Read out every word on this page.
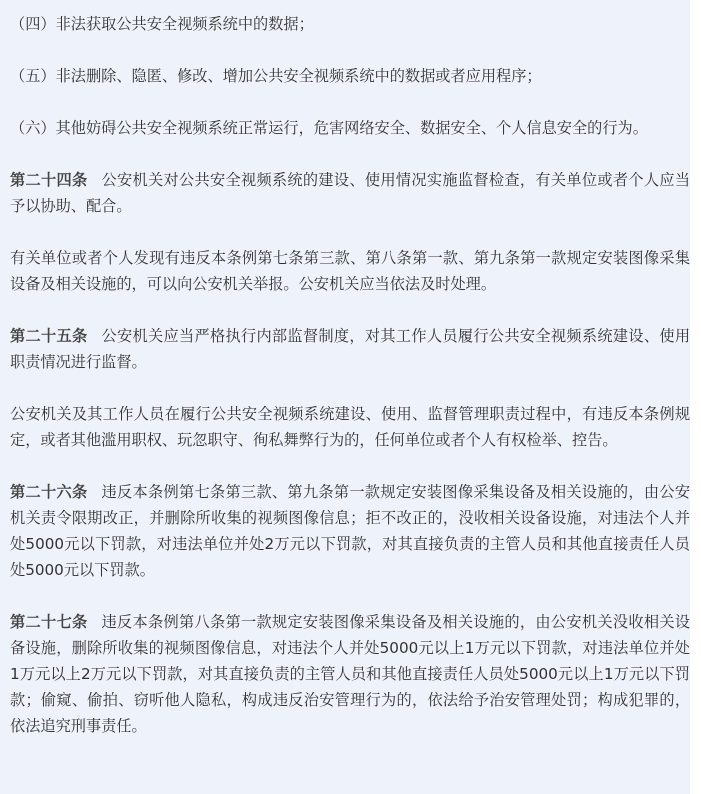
（四）非法获取公共安全视频系统中的数据；

（五）非法删除、隐匿、修改、增加公共安全视频系统中的数据或者应用程序；

（六）其他妨碍公共安全视频系统正常运行，危害网络安全、数据安全、个人信息安全的行为。

第二十四条 公安机关对公共安全视频系统的建设、使用情况实施监督检查，有关单位或者个人应当予以协助、配合。

有关单位或者个人发现有违反本条例第七条第三款、第八条第一款、第九条第一款规定安装图像采集设备及相关设施的，可以向公安机关举报。公安机关应当依法及时处理。

第二十五条 公安机关应当严格执行内部监督制度，对其工作人员履行公共安全视频系统建设、使用职责情况进行监督。

公安机关及其工作人员在履行公共安全视频系统建设、使用、监督管理职责过程中，有违反本条例规定，或者其他滥用职权、玩忽职守、徇私舞弊行为的，任何单位或者个人有权检举、控告。

第二十六条 违反本条例第七条第三款、第九条第一款规定安装图像采集设备及相关设施的，由公安机关责令限期改正，并删除所收集的视频图像信息；拒不改正的，没收相关设备设施，对违法个人并处5000元以下罚款，对违法单位并处2万元以下罚款，对其直接负责的主管人员和其他直接责任人员处5000元以下罚款。

第二十七条 违反本条例第八条第一款规定安装图像采集设备及相关设施的，由公安机关没收相关设备设施，删除所收集的视频图像信息，对违法个人并处5000元以上1万元以下罚款，对违法单位并处1万元以上2万元以下罚款，对其直接负责的主管人员和其他直接责任人员处5000元以上1万元以下罚款；偷窥、偷拍、窃听他人隐私，构成违反治安管理行为的，依法给予治安管理处罚；构成犯罪的，依法追究刑事责任。
